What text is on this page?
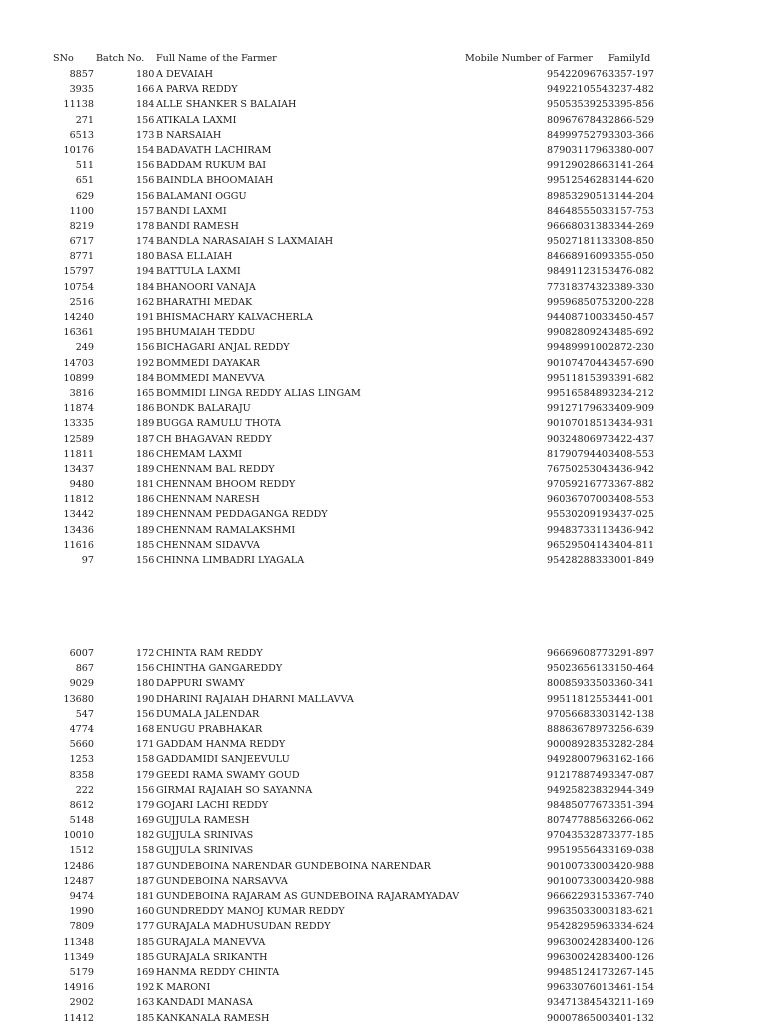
SNo Batch No. Full Name of the Farmer	Mobile Number of Farmer FamilyId
8857	180 A DEVAIAH	9542209676 3357-197
3935	166 A PARVA REDDY	9492210554 3237-482
11138	184 ALLE SHANKER S BALAIAH	9505353925 3395-856
271	156 ATIKALA LAXMI	8096767843 2866-529
6513	173 B NARSAIAH	8499975279 3303-366
10176	154 BADAVATH LACHIRAM	8790311796 3380-007
511	156 BADDAM RUKUM BAI	9912902866 3141-264
651	156 BAINDLA BHOOMAIAH	9951254628 3144-620
629	156 BALAMANI OGGU	8985329051 3144-204
1100	157 BANDI LAXMI	8464855503 3157-753
8219	178 BANDI RAMESH	9666803138 3344-269
6717	174 BANDLA NARASAIAH S LAXMAIAH	9502718113 3308-850
8771	180 BASA ELLAIAH	8466891609 3355-050
15797	194 BATTULA LAXMI	9849112315 3476-082
10754	184 BHANOORI VANAJA	7731837432 3389-330
2516	162 BHARATHI MEDAK	9959685075 3200-228
14240	191 BHISMACHARY KALVACHERLA	9440871003 3450-457
16361	195 BHUMAIAH TEDDU	9908280924 3485-692
249	156 BICHAGARI ANJAL REDDY	9948999100 2872-230
14703	192 BOMMEDI DAYAKAR	9010747044 3457-690
10899	184 BOMMEDI MANEVVA	9951181539 3391-682
3816	165 BOMMIDI LINGA REDDY ALIAS LINGAM	9951658489 3234-212
11874	186 BONDK BALARAJU	9912717963 3409-909
13335	189 BUGGA RAMULU THOTA	9010701851 3434-931
12589	187 CH BHAGAVAN REDDY	9032480697 3422-437
11811	186 CHEMAM LAXMI	8179079440 3408-553
13437	189 CHENNAM BAL REDDY	7675025304 3436-942
9480	181 CHENNAM BHOOM REDDY	9705921677 3367-882
11812	186 CHENNAM NARESH	9603670700 3408-553
13442	189 CHENNAM PEDDAGANGA REDDY	9553020919 3437-025
13436	189 CHENNAM RAMALAKSHMI	9948373311 3436-942
11616	185 CHENNAM SIDAVVA	9652950414 3404-811
97	156 CHINNA LIMBADRI LYAGALA	9542828833 3001-849
6007	172 CHINTA RAM REDDY	9666960877 3291-897
867	156 CHINTHA GANGAREDDY	9502365613 3150-464
9029	180 DAPPURI SWAMY	8008593350 3360-341
13680	190 DHARINI RAJAIAH DHARNI MALLAVVA	9951181255 3441-001
547	156 DUMALA JALENDAR	9705668330 3142-138
4774	168 ENUGU PRABHAKAR	8886367897 3256-639
5660	171 GADDAM HANMA REDDY	9000892835 3282-284
1253	158 GADDAMIDI SANJEEVULU	9492800796 3162-166
8358	179 GEEDI RAMA SWAMY GOUD	9121788749 3347-087
222	156 GIRMAI RAJAIAH SO SAYANNA	9492582383 2944-349
8612	179 GOJARI LACHI REDDY	9848507767 3351-394
5148	169 GUJJULA RAMESH	8074778856 3266-062
10010	182 GUJJULA SRINIVAS	9704353287 3377-185
1512	158 GUJJULA SRINIVAS	9951955643 3169-038
12486	187 GUNDEBOINA NARENDAR GUNDEBOINA NARENDAR	9010073300 3420-988
12487	187 GUNDEBOINA NARSAVVA	9010073300 3420-988
9474	181 GUNDEBOINA RAJARAM AS GUNDEBOINA RAJARAMYADAV	9666229315 3367-740
1990	160 GUNDREDDY MANOJ KUMAR REDDY	9963503300 3183-621
7809	177 GURAJALA MADHUSUDAN REDDY	9542829596 3334-624
11348	185 GURAJALA MANEVVA	9963002428 3400-126
11349	185 GURAJALA SRIKANTH	9963002428 3400-126
5179	169 HANMA REDDY CHINTA	9948512417 3267-145
14916	192 K MARONI	9963307601 3461-154
2902	163 KANDADI MANASA	9347138454 3211-169
11412	185 KANKANALA RAMESH	9000786500 3401-132
